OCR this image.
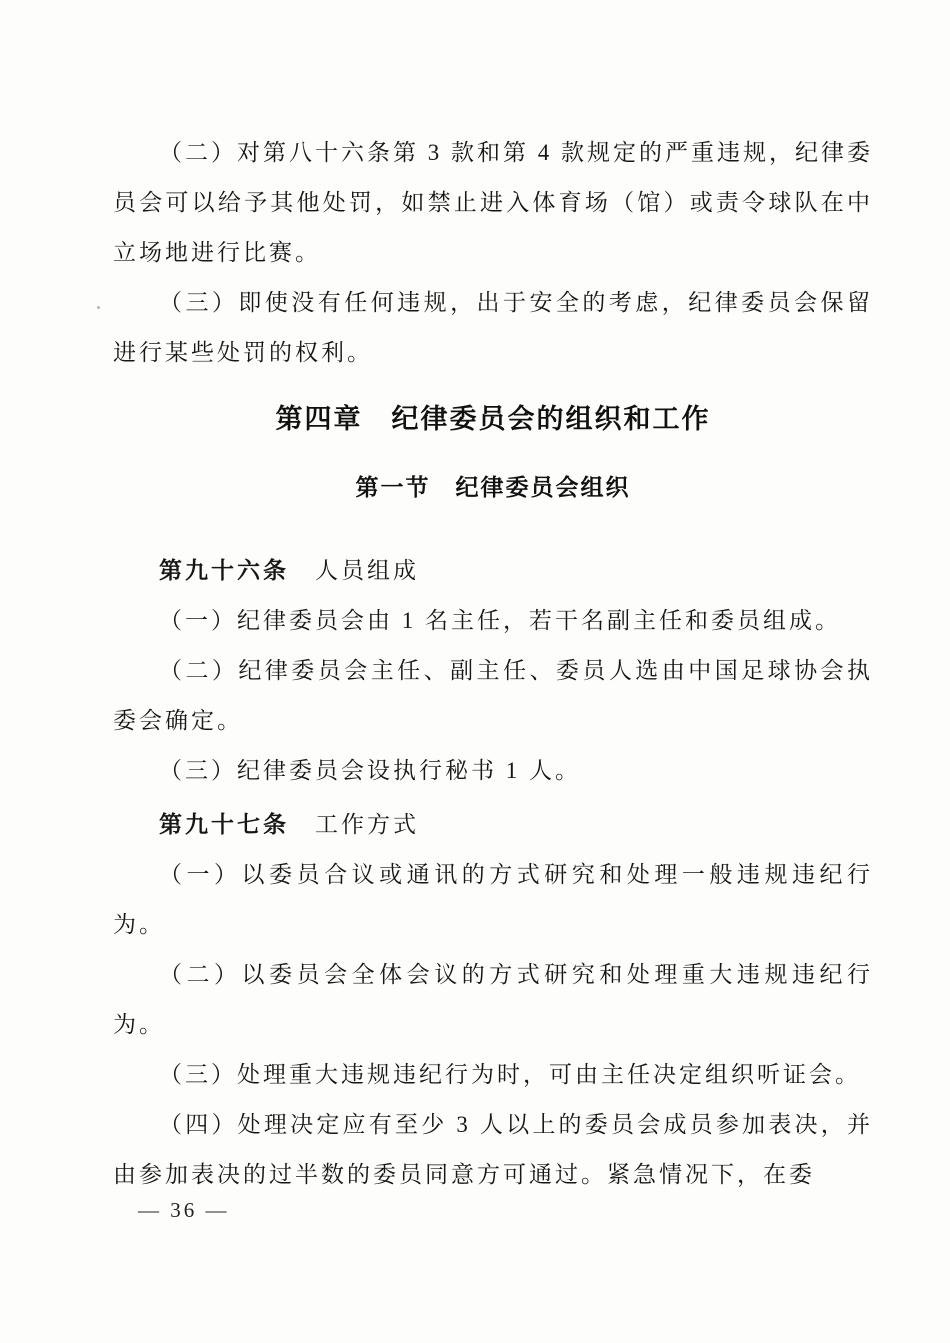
（二）对第八十六条第 3 款和第 4 款规定的严重违规，纪律委员会可以给予其他处罚，如禁止进入体育场（馆）或责令球队在中立场地进行比赛。

（三）即使没有任何违规，出于安全的考虑，纪律委员会保留进行某些处罚的权利。

第四章　纪律委员会的组织和工作
第一节　纪律委员会组织

第九十六条 人员组成

（一）纪律委员会由 1 名主任，若干名副主任和委员组成。

（二）纪律委员会主任、副主任、委员人选由中国足球协会执委会确定。

（三）纪律委员会设执行秘书 1 人。

第九十七条 工作方式

（一）以委员合议或通讯的方式研究和处理一般违规违纪行为。

（二）以委员会全体会议的方式研究和处理重大违规违纪行为。

（三）处理重大违规违纪行为时，可由主任决定组织听证会。

（四）处理决定应有至少 3 人以上的委员会成员参加表决，并由参加表决的过半数的委员同意方可通过。紧急情况下，在委

— 36 —
